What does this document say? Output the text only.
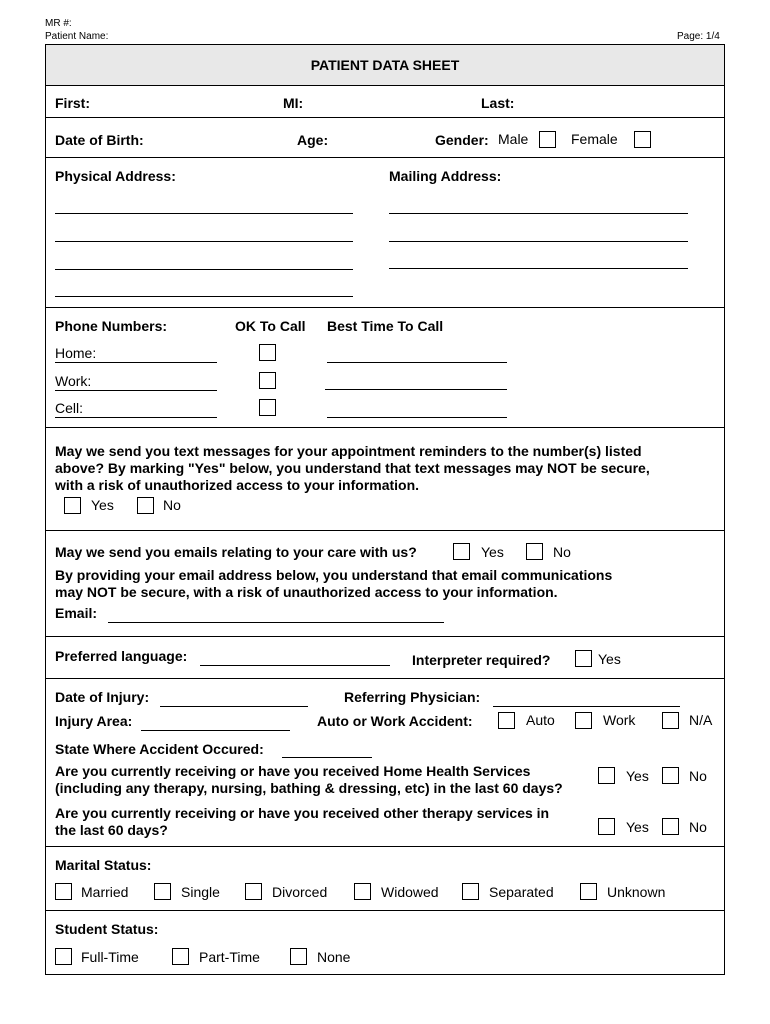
MR #:
Patient Name:	Page: 1/4
PATIENT DATA SHEET
First:	MI:	Last:
Date of Birth:	Age:	Gender: Male	Female
Physical Address:	Mailing Address:
Phone Numbers:	OK To Call Best Time To Call
Home:
Work:
Cell:
May we send you text messages for your appointment reminders to the number(s) listed
above? By marking "Yes" below, you understand that text messages may NOT be secure,
with a risk of unauthorized access to your information.
Yes	No
May we send you emails relating to your care with us?	Yes	No
By providing your email address below, you understand that email communications
may NOT be secure, with a risk of unauthorized access to your information.
Email:
Preferred language:	Interpreter required?	Yes
Date of Injury:	Referring Physician:
Injury Area:	Auto or Work Accident:	Auto	Work	N/A
State Where Accident Occured:
Are you currently receiving or have you received Home Health Services
(including any therapy, nursing, bathing & dressing, etc) in the last 60 days?
Yes	No
Are you currently receiving or have you received other therapy services in
the last 60 days?	Yes	No
Marital Status:
Married	Single	Divorced	Widowed	Separated	Unknown
Student Status:
Full-Time	Part-Time	None
